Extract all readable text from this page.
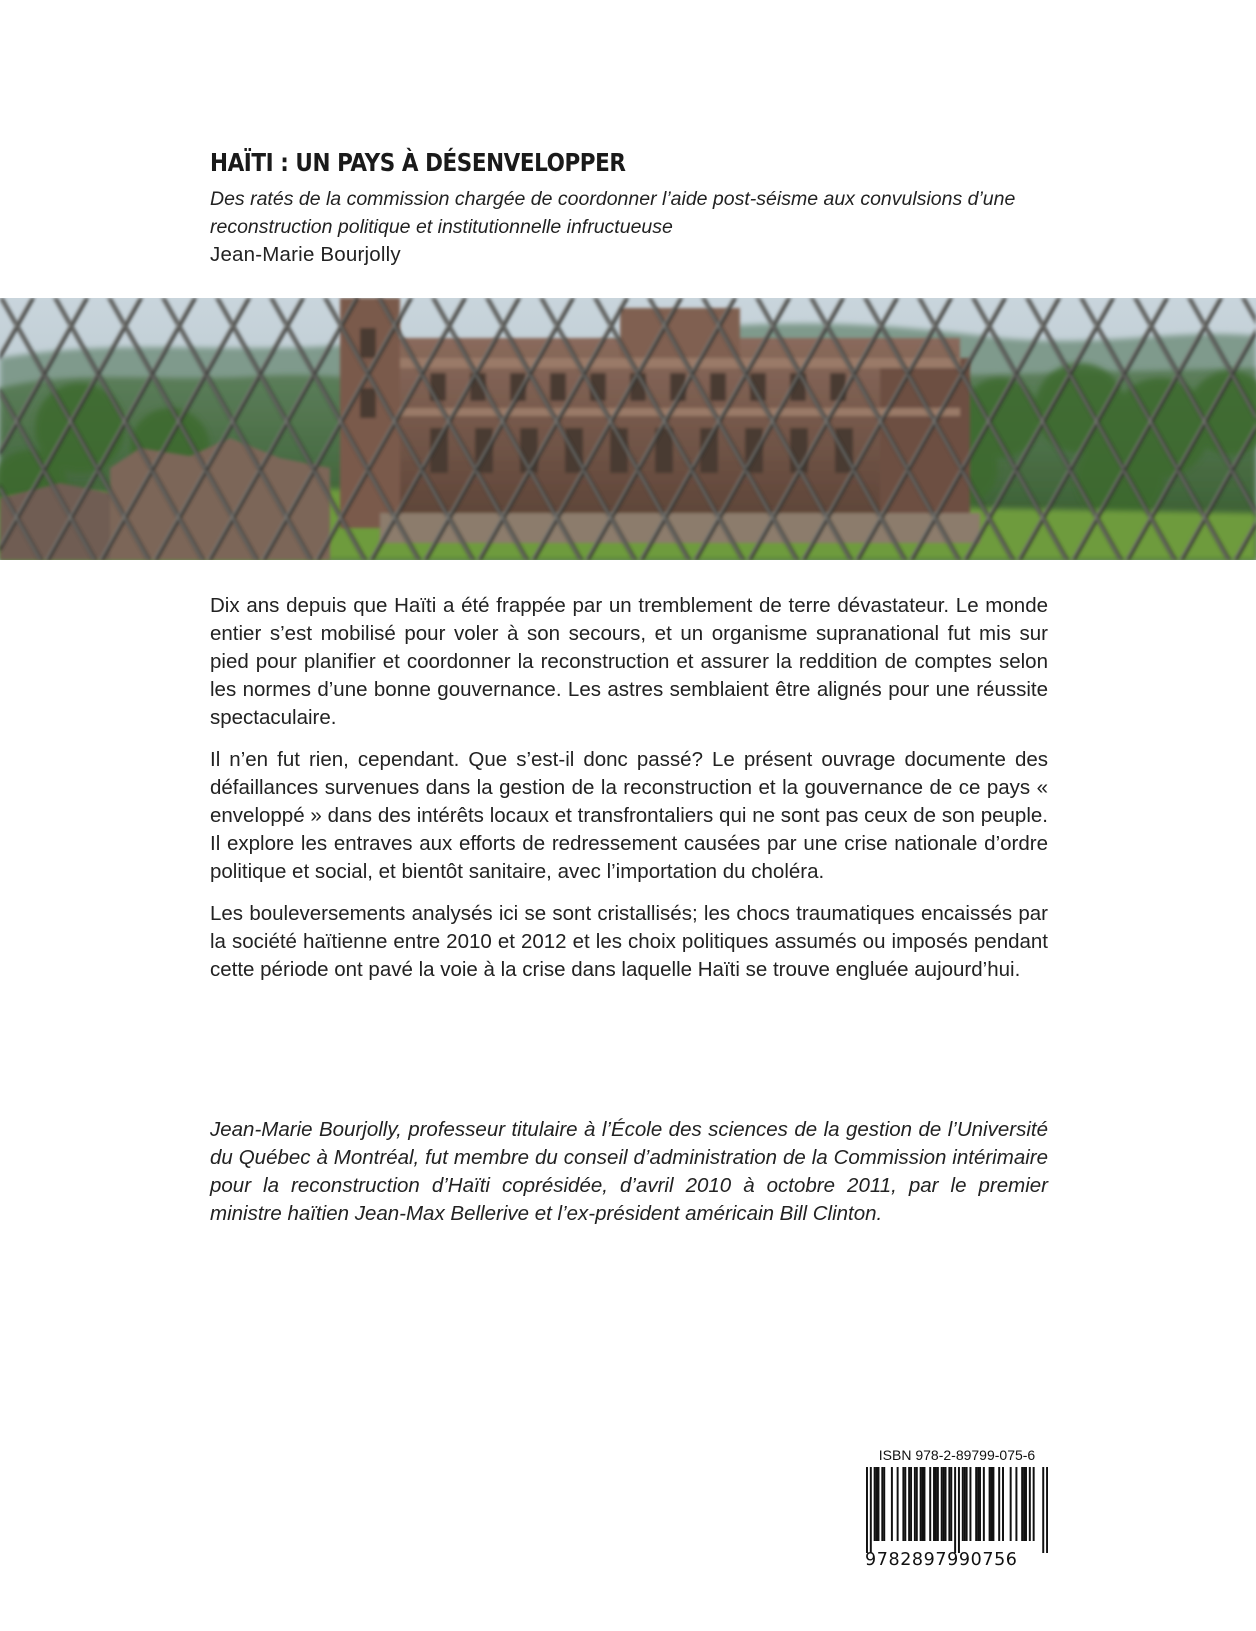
HAÏTI : UN PAYS À DÉSENVELOPPER
Des ratés de la commission chargée de coordonner l’aide post-séisme aux convulsions d’une reconstruction politique et institutionnelle infructueuse
Jean-Marie Bourjolly

Dix ans depuis que Haïti a été frappée par un tremblement de terre dévastateur. Le monde entier s’est mobilisé pour voler à son secours, et un organisme supranational fut mis sur pied pour planifier et coordonner la reconstruction et assurer la reddition de comptes selon les normes d’une bonne gouvernance. Les astres semblaient être alignés pour une réussite spectaculaire.

Il n’en fut rien, cependant. Que s’est-il donc passé? Le présent ouvrage documente des défaillances survenues dans la gestion de la reconstruction et la gouvernance de ce pays « enveloppé » dans des intérêts locaux et transfrontaliers qui ne sont pas ceux de son peuple. Il explore les entraves aux efforts de redressement causées par une crise nationale d’ordre politique et social, et bientôt sanitaire, avec l’importation du choléra.

Les bouleversements analysés ici se sont cristallisés; les chocs traumatiques encaissés par la société haïtienne entre 2010 et 2012 et les choix politiques assumés ou imposés pendant cette période ont pavé la voie à la crise dans laquelle Haïti se trouve engluée aujourd’hui.

Jean-Marie Bourjolly, professeur titulaire à l’École des sciences de la gestion de l’Université du Québec à Montréal, fut membre du conseil d’administration de la Commission intérimaire pour la reconstruction d’Haïti coprésidée, d’avril 2010 à octobre 2011, par le premier ministre haïtien Jean-Max Bellerive et l’ex-président américain Bill Clinton.
ISBN 978-2-89799-075-6
9782897990756
